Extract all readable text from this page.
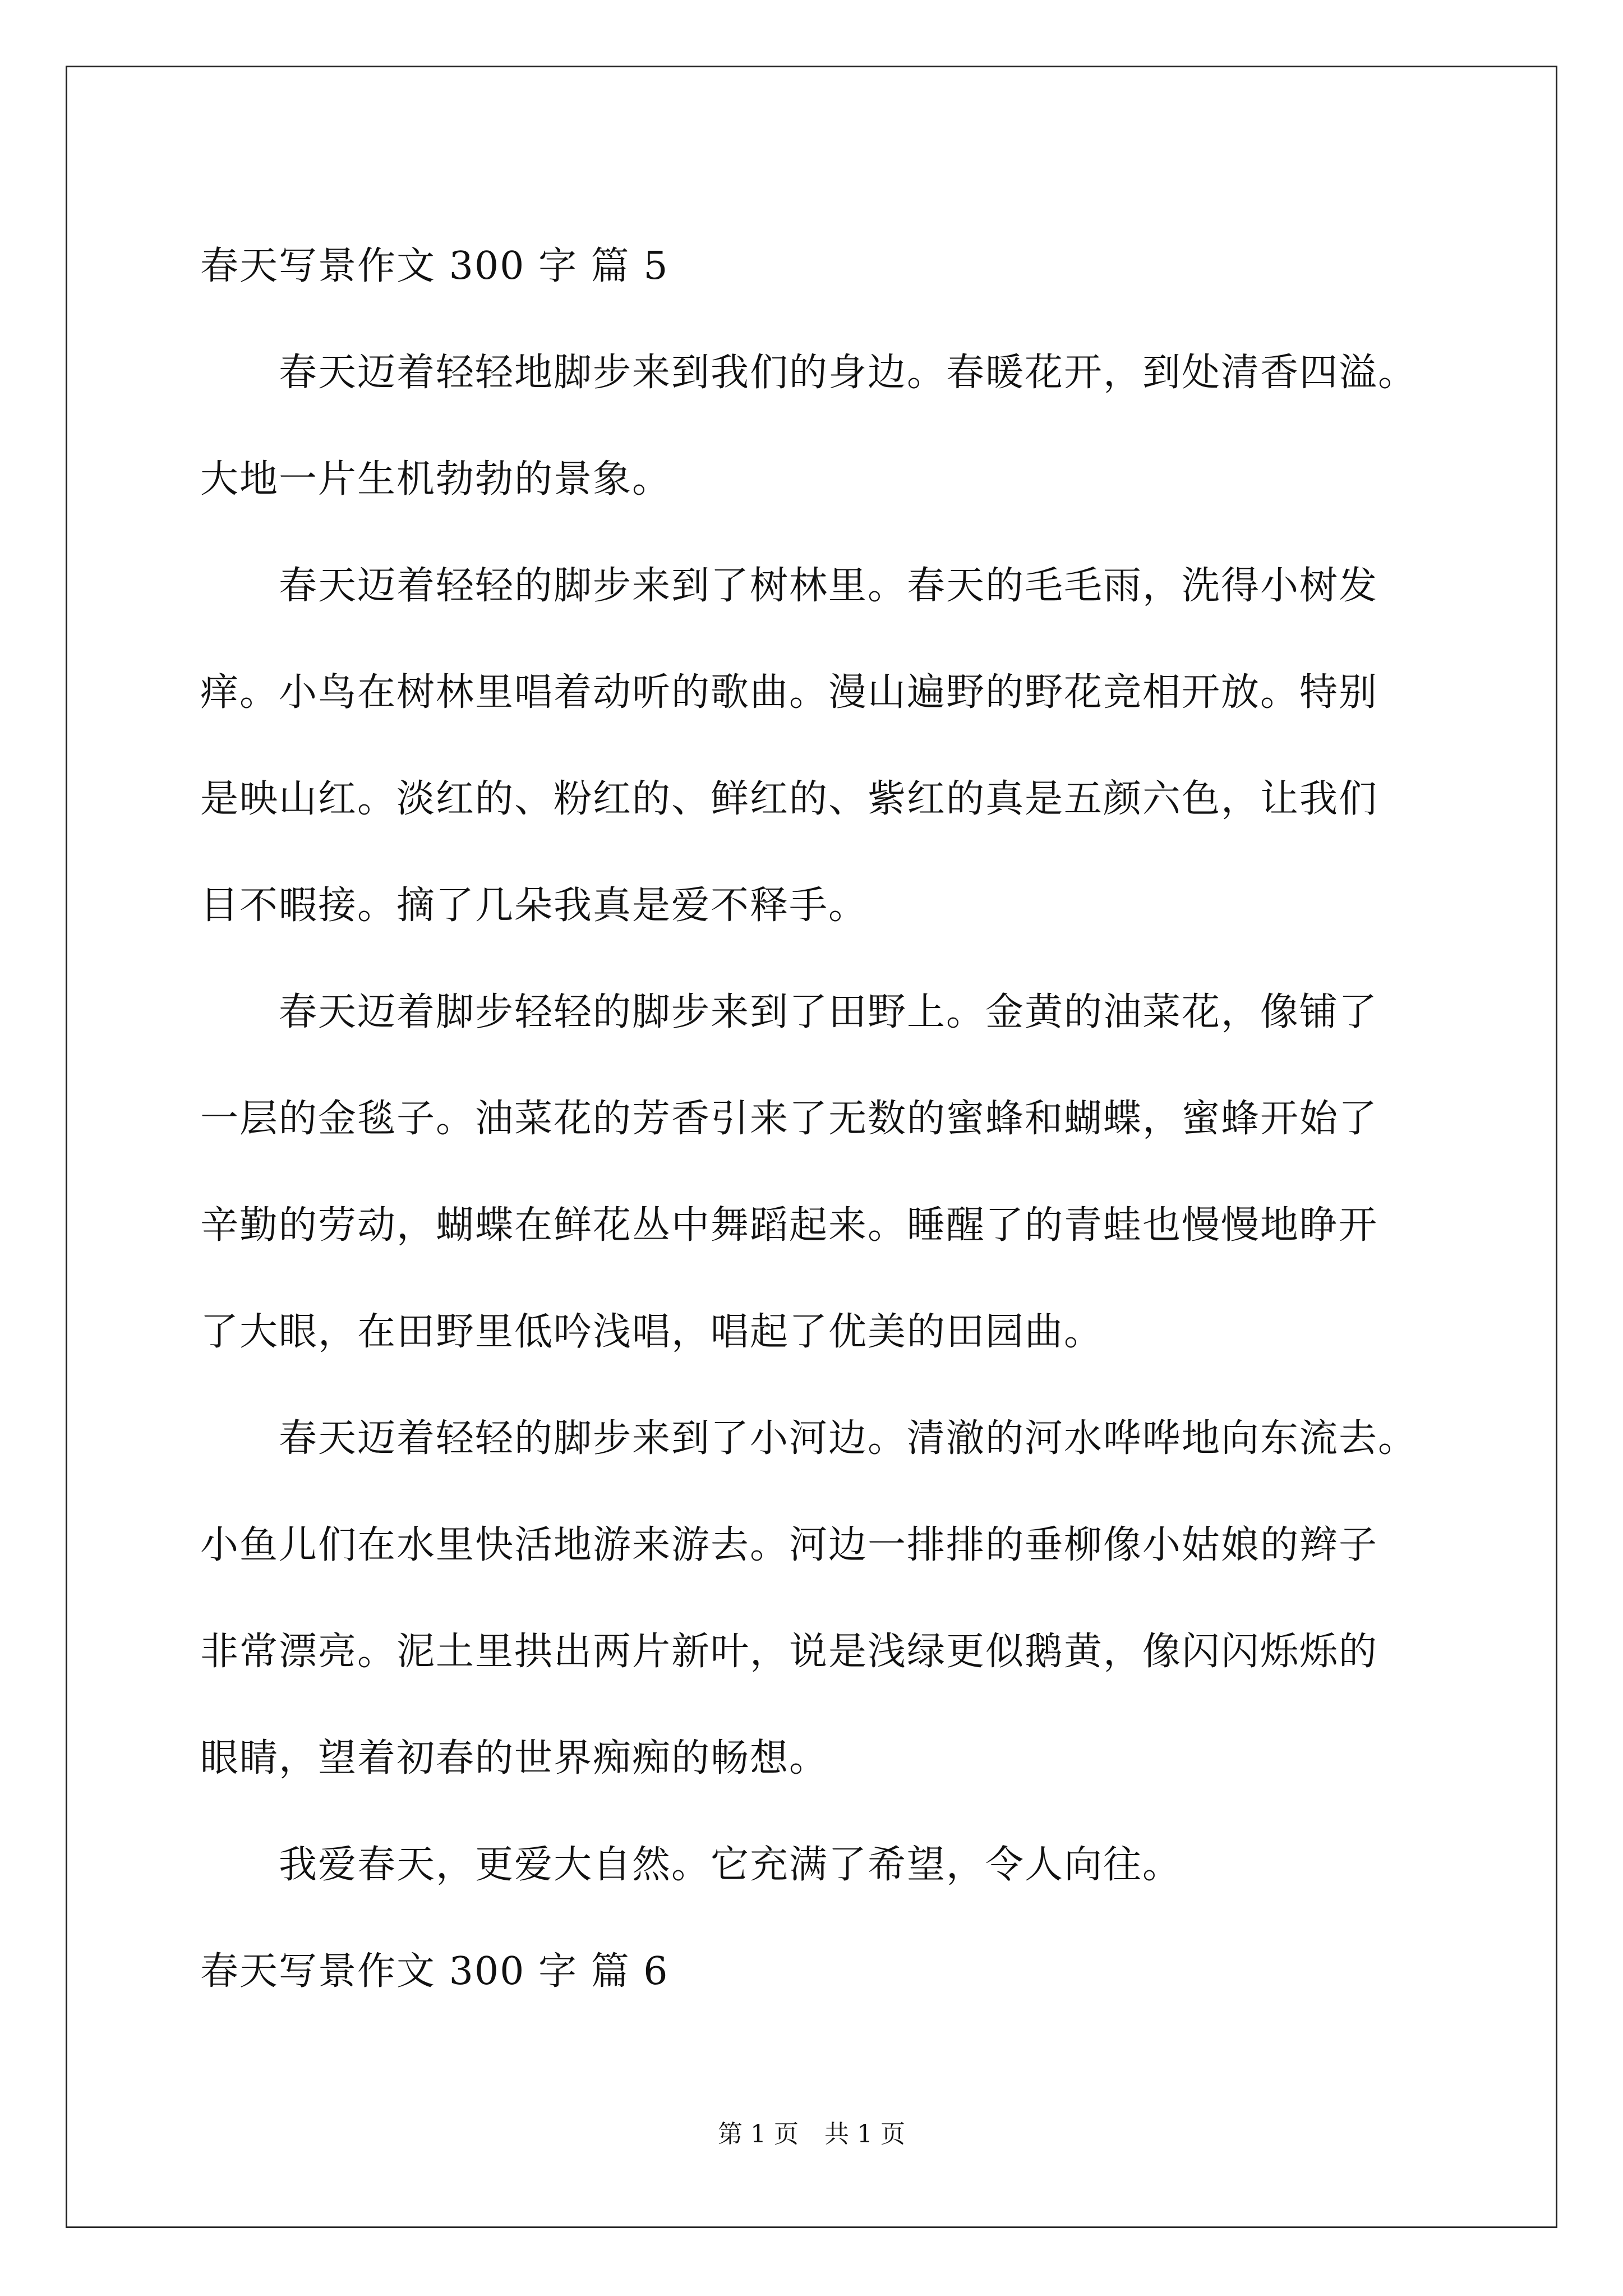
春天写景作文 300 字 篇 5
春天迈着轻轻地脚步来到我们的身边。春暖花开，到处清香四溢。
大地一片生机勃勃的景象。
春天迈着轻轻的脚步来到了树林里。春天的毛毛雨，洗得小树发
痒。小鸟在树林里唱着动听的歌曲。漫山遍野的野花竞相开放。特别
是映山红。淡红的、粉红的、鲜红的、紫红的真是五颜六色，让我们
目不暇接。摘了几朵我真是爱不释手。
春天迈着脚步轻轻的脚步来到了田野上。金黄的油菜花，像铺了
一层的金毯子。油菜花的芳香引来了无数的蜜蜂和蝴蝶，蜜蜂开始了
辛勤的劳动，蝴蝶在鲜花丛中舞蹈起来。睡醒了的青蛙也慢慢地睁开
了大眼，在田野里低吟浅唱，唱起了优美的田园曲。
春天迈着轻轻的脚步来到了小河边。清澈的河水哗哗地向东流去。
小鱼儿们在水里快活地游来游去。河边一排排的垂柳像小姑娘的辫子
非常漂亮。泥土里拱出两片新叶，说是浅绿更似鹅黄，像闪闪烁烁的
眼睛，望着初春的世界痴痴的畅想。
我爱春天，更爱大自然。它充满了希望，令人向往。
春天写景作文 300 字 篇 6
第 1 页 共 1 页
